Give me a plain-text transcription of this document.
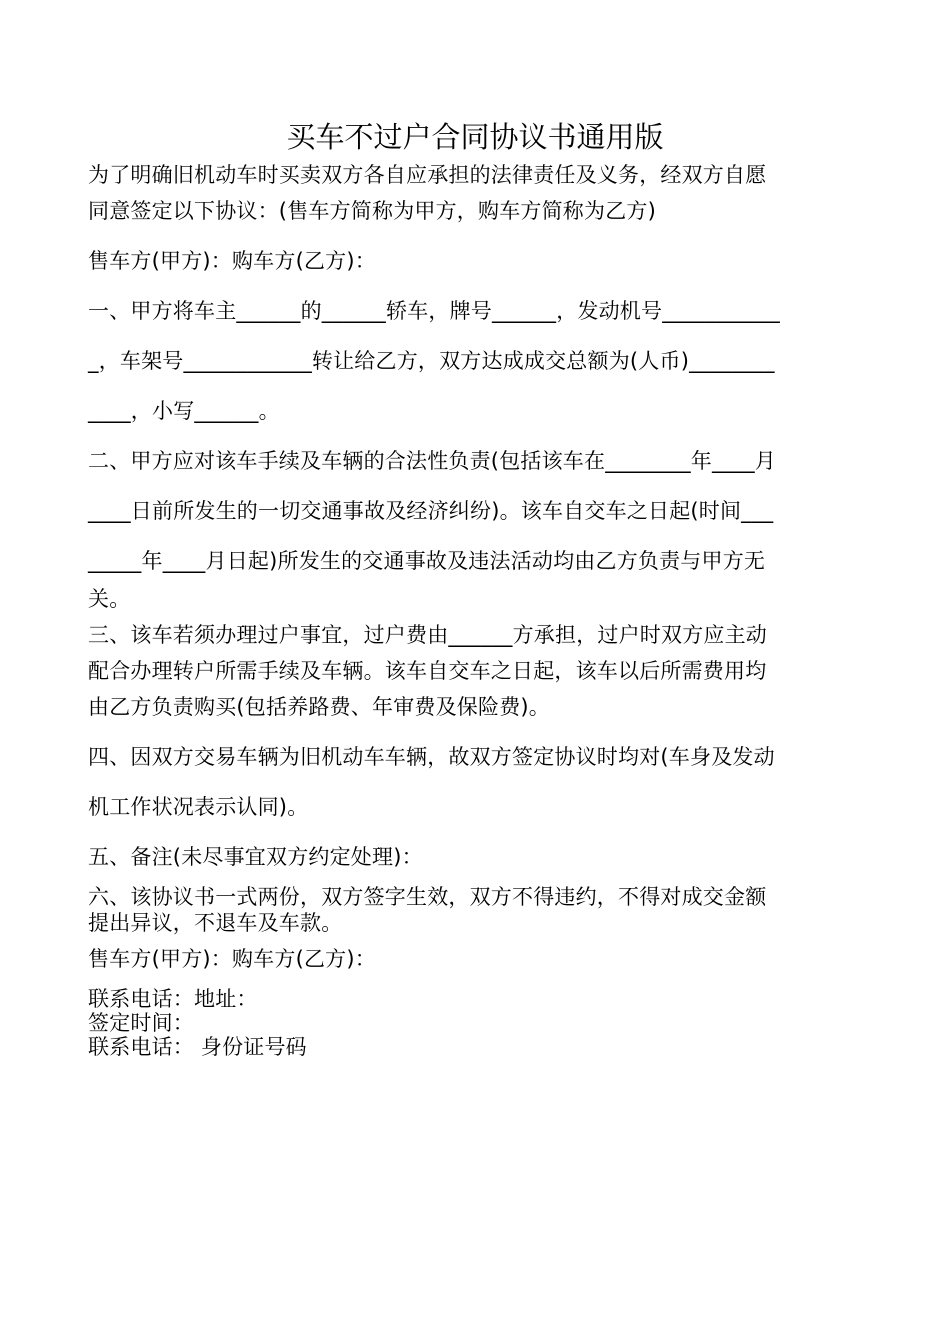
买车不过户合同协议书通用版
为了明确旧机动车时买卖双方各自应承担的法律责任及义务，经双方自愿
同意签定以下协议：(售车方简称为甲方，购车方简称为乙方)
售车方(甲方)：购车方(乙方)：
一、甲方将车主______的______轿车，牌号______，发动机号___________
_，车架号____________转让给乙方，双方达成成交总额为(人币)________
____，小写______。
二、甲方应对该车手续及车辆的合法性负责(包括该车在________年____月
____日前所发生的一切交通事故及经济纠纷)。该车自交车之日起(时间___
_____年____月日起)所发生的交通事故及违法活动均由乙方负责与甲方无
关。
三、该车若须办理过户事宜，过户费由______方承担，过户时双方应主动
配合办理转户所需手续及车辆。该车自交车之日起，该车以后所需费用均
由乙方负责购买(包括养路费、年审费及保险费)。
四、因双方交易车辆为旧机动车车辆，故双方签定协议时均对(车身及发动
机工作状况表示认同)。
五、备注(未尽事宜双方约定处理)：
六、该协议书一式两份，双方签字生效，双方不得违约，不得对成交金额
提出异议，不退车及车款。
售车方(甲方)：购车方(乙方)：
联系电话：地址：
签定时间：
联系电话： 身份证号码
